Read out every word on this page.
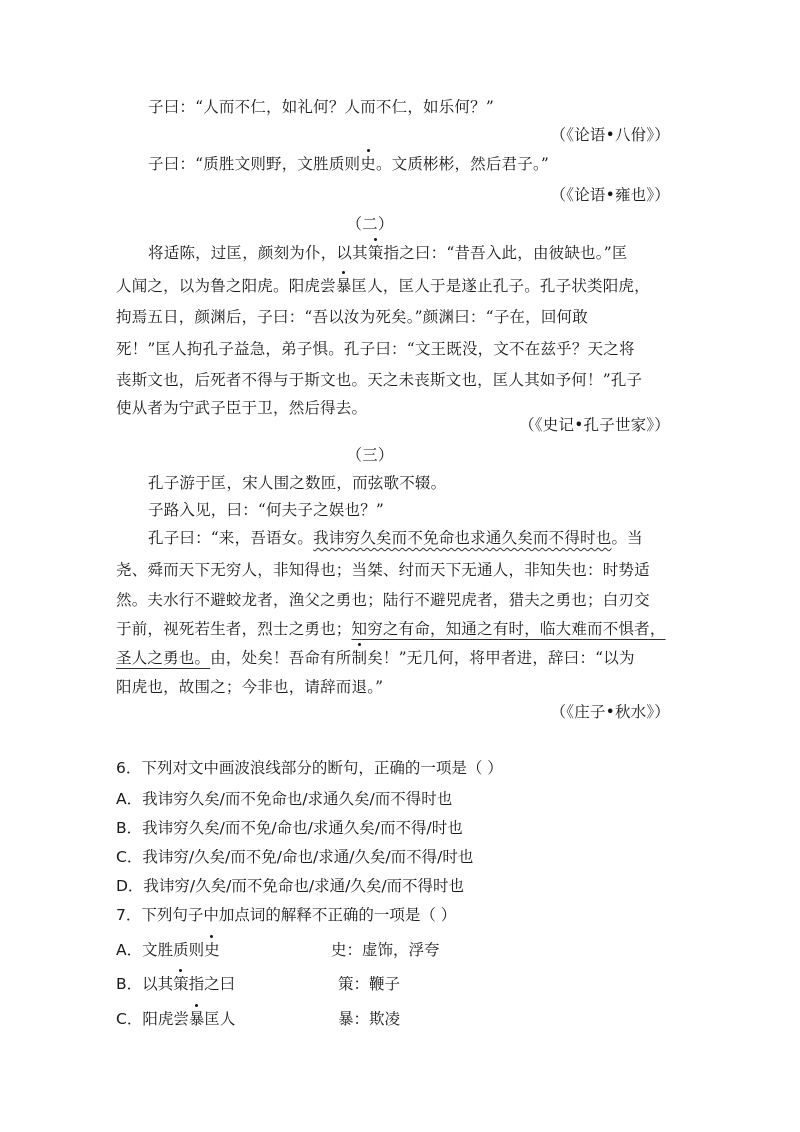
子曰：“人而不仁，如礼何？人而不仁，如乐何？”
（《论语•八佾》）
子曰：“质胜文则野，文胜质则史。文质彬彬，然后君子。”
（《论语•雍也》）
（二）
将适陈，过匡，颜刻为仆，以其策指之曰：“昔吾入此，由彼缺也。”匡
人闻之，以为鲁之阳虎。阳虎尝暴匡人，匡人于是遂止孔子。孔子状类阳虎，
拘焉五日，颜渊后，子曰：“吾以汝为死矣。”颜渊曰：“子在，回何敢
死！”匡人拘孔子益急，弟子惧。孔子曰：“文王既没，文不在兹乎？天之将
丧斯文也，后死者不得与于斯文也。天之未丧斯文也，匡人其如予何！”孔子
使从者为宁武子臣于卫，然后得去。
（《史记•孔子世家》）
（三）
孔子游于匡，宋人围之数匝，而弦歌不辍。
子路入见，曰：“何夫子之娱也？”
孔子曰：“来，吾语女。我讳穷久矣而不免命也求通久矣而不得时也。当
尧、舜而天下无穷人，非知得也；当桀、纣而天下无通人，非知失也：时势适
然。夫水行不避蛟龙者，渔父之勇也；陆行不避兕虎者，猎夫之勇也；白刃交
于前，视死若生者，烈士之勇也；知穷之有命，知通之有时，临大难而不惧者，
圣人之勇也。由，处矣！吾命有所制矣！”无几何，将甲者进，辞曰：“以为
阳虎也，故围之；今非也，请辞而退。”
（《庄子•秋水》）
6．下列对文中画波浪线部分的断句，正确的一项是（ ）
A．我讳穷久矣/而不免命也/求通久矣/而不得时也
B．我讳穷久矣/而不免/命也/求通久矣/而不得/时也
C．我讳穷/久矣/而不免/命也/求通/久矣/而不得/时也
D．我讳穷/久矣/而不免命也/求通/久矣/而不得时也
7．下列句子中加点词的解释不正确的一项是（ ）
A．文胜质则史	史：虚饰，浮夸
B．以其策指之曰	策：鞭子
C．阳虎尝暴匡人	暴：欺凌
